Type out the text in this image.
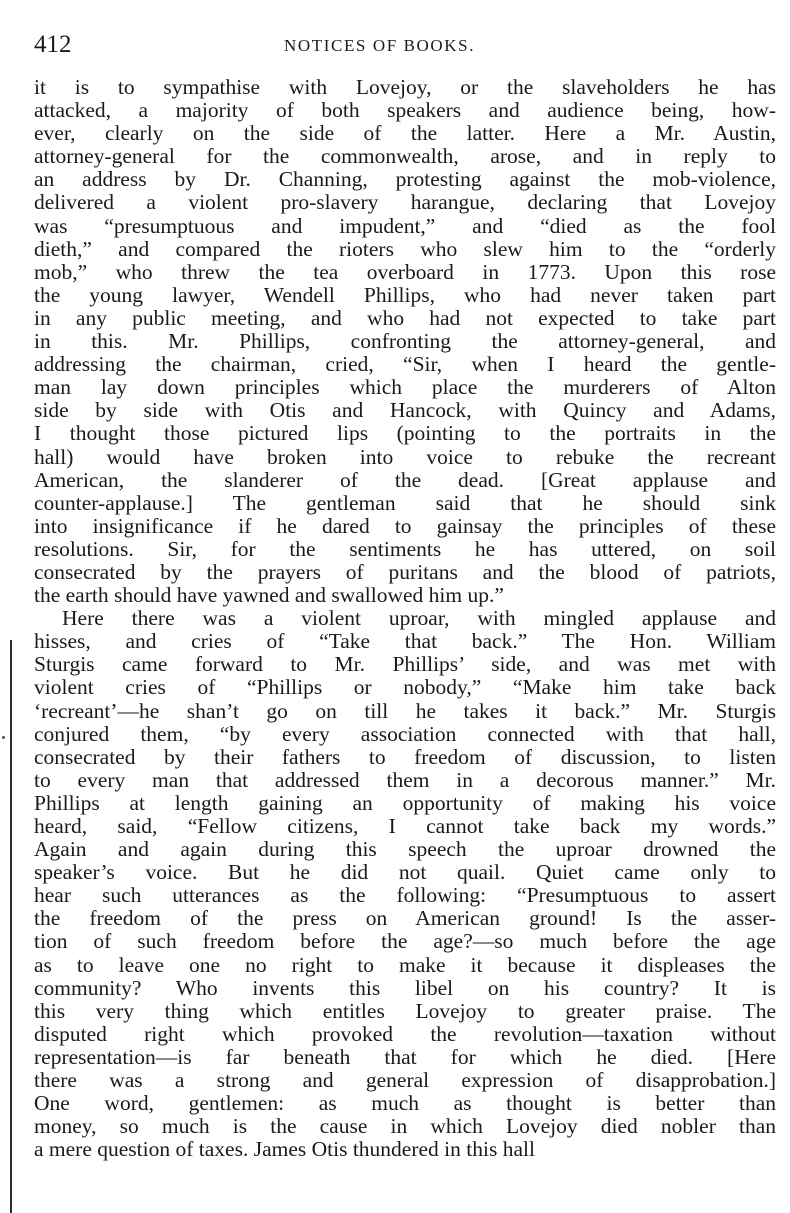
412	NOTICES OF BOOKS.
it is to sympathise with Lovejoy, or the slaveholders he has
attacked, a majority of both speakers and audience being, how-
ever, clearly on the side of the latter. Here a Mr. Austin,
attorney-general for the commonwealth, arose, and in reply to
an address by Dr. Channing, protesting against the mob-violence,
delivered a violent pro-slavery harangue, declaring that Lovejoy
was “presumptuous and impudent,” and “died as the fool
dieth,” and compared the rioters who slew him to the “orderly
mob,” who threw the tea overboard in 1773. Upon this rose
the young lawyer, Wendell Phillips, who had never taken part
in any public meeting, and who had not expected to take part
in this. Mr. Phillips, confronting the attorney-general, and
addressing the chairman, cried, “Sir, when I heard the gentle-
man lay down principles which place the murderers of Alton
side by side with Otis and Hancock, with Quincy and Adams,
I thought those pictured lips (pointing to the portraits in the
hall) would have broken into voice to rebuke the recreant
American, the slanderer of the dead. [Great applause and
counter-applause.] The gentleman said that he should sink
into insignificance if he dared to gainsay the principles of these
resolutions. Sir, for the sentiments he has uttered, on soil
consecrated by the prayers of puritans and the blood of patriots,
the earth should have yawned and swallowed him up.”
Here there was a violent uproar, with mingled applause and
hisses, and cries of “Take that back.” The Hon. William
Sturgis came forward to Mr. Phillips’ side, and was met with
violent cries of “Phillips or nobody,” “Make him take back
‘recreant’—he shan’t go on till he takes it back.” Mr. Sturgis
conjured them, “by every association connected with that hall,
consecrated by their fathers to freedom of discussion, to listen
to every man that addressed them in a decorous manner.” Mr.
Phillips at length gaining an opportunity of making his voice
heard, said, “Fellow citizens, I cannot take back my words.”
Again and again during this speech the uproar drowned the
speaker’s voice. But he did not quail. Quiet came only to
hear such utterances as the following: “Presumptuous to assert
the freedom of the press on American ground! Is the asser-
tion of such freedom before the age?—so much before the age
as to leave one no right to make it because it displeases the
community? Who invents this libel on his country? It is
this very thing which entitles Lovejoy to greater praise. The
disputed right which provoked the revolution—taxation without
representation—is far beneath that for which he died. [Here
there was a strong and general expression of disapprobation.]
One word, gentlemen: as much as thought is better than
money, so much is the cause in which Lovejoy died nobler than
a mere question of taxes. James Otis thundered in this hall
